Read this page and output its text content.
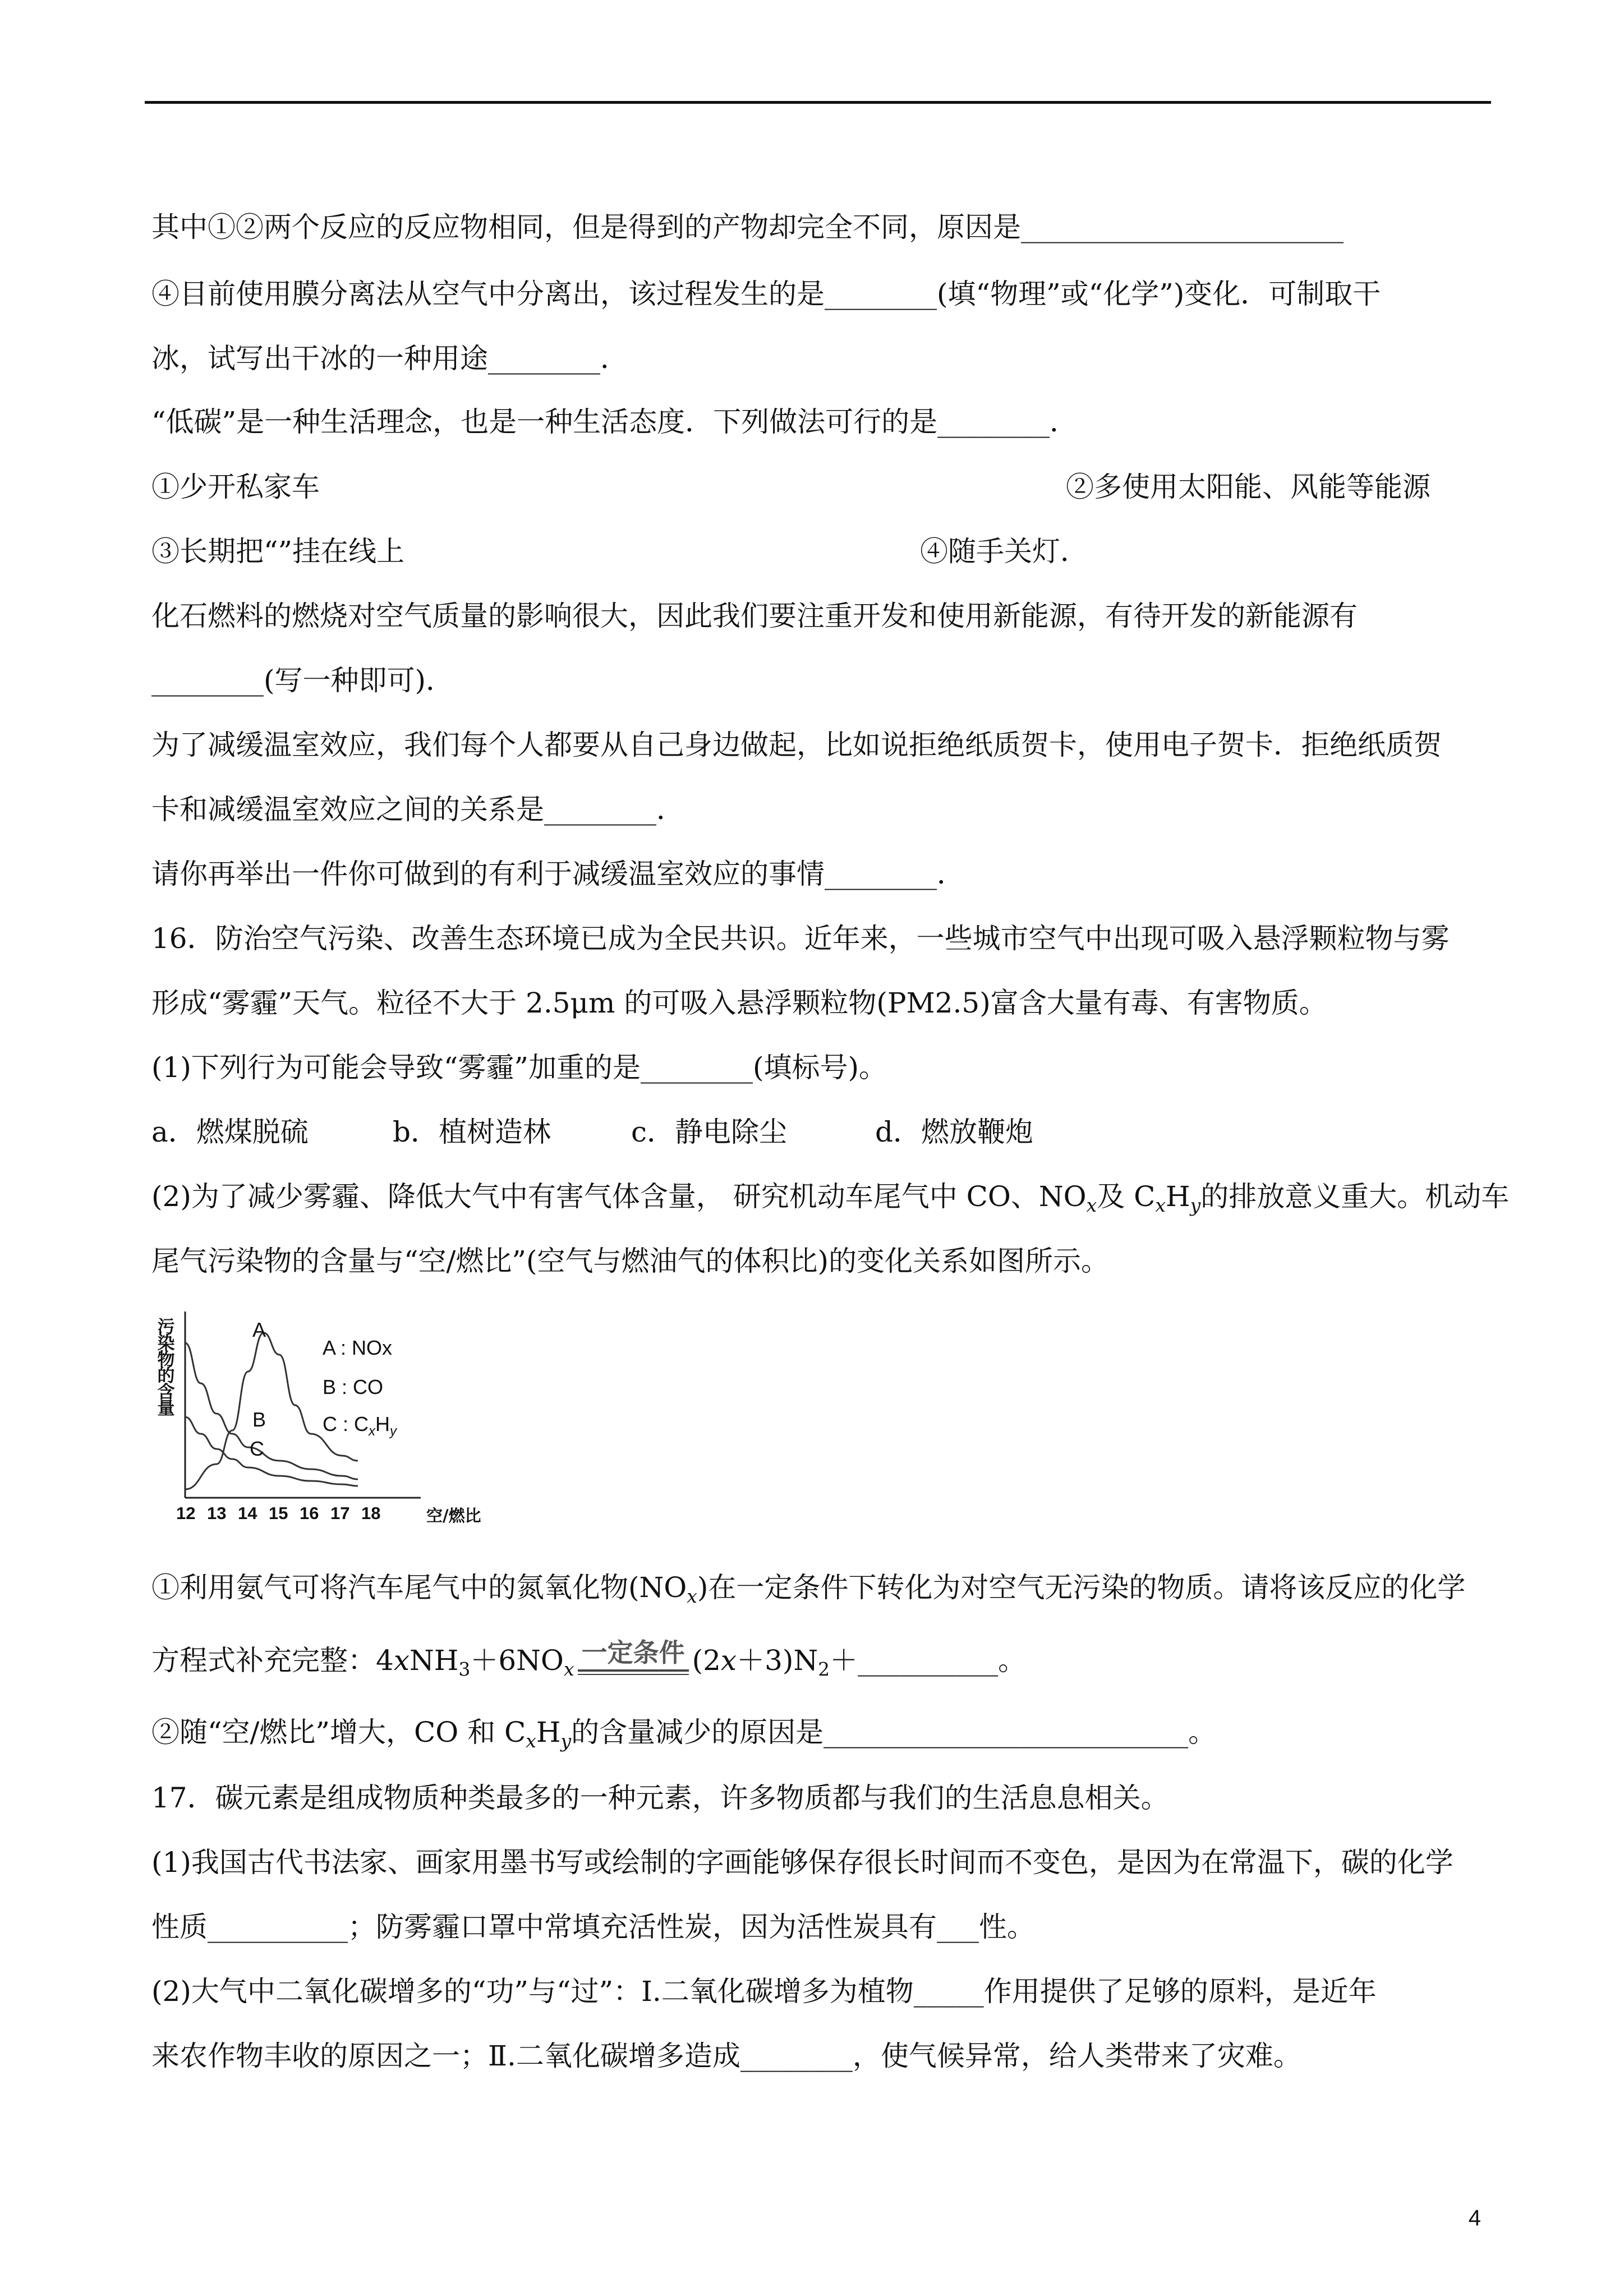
其中①②两个反应的反应物相同，但是得到的产物却完全不同，原因是_______________________
④目前使用膜分离法从空气中分离出，该过程发生的是________(填“物理”或“化学”)变化．可制取干
冰，试写出干冰的一种用途________．
“低碳”是一种生活理念，也是一种生活态度．下列做法可行的是________．
①少开私家车	②多使用太阳能、风能等能源
③长期把“”挂在线上	④随手关灯．
化石燃料的燃烧对空气质量的影响很大，因此我们要注重开发和使用新能源，有待开发的新能源有
________(写一种即可)．
为了减缓温室效应，我们每个人都要从自己身边做起，比如说拒绝纸质贺卡，使用电子贺卡．拒绝纸质贺
卡和减缓温室效应之间的关系是________．
请你再举出一件你可做到的有利于减缓温室效应的事情________．
16．防治空气污染、改善生态环境已成为全民共识。近年来，一些城市空气中出现可吸入悬浮颗粒物与雾
形成“雾霾”天气。粒径不大于 2.5μm 的可吸入悬浮颗粒物(PM2.5)富含大量有毒、有害物质。
(1)下列行为可能会导致“雾霾”加重的是________(填标号)。
a．燃煤脱硫	b．植树造林	c．静电除尘	d．燃放鞭炮
(2)为了减少雾霾、降低大气中有害气体含量， 研究机动车尾气中 CO、$NO_x$及 $C_xH_y$的排放意义重大。机动车
尾气污染物的含量与“空/燃比”(空气与燃油气的体积比)的变化关系如图所示。
污
染
物
的
含
量
A
B
C
A : NOx
B : CO
C : $C_xH_y$
12 13 14 15 16 17 18	空/燃比
①利用氨气可将汽车尾气中的氮氧化物$(NO_x)$在一定条件下转化为对空气无污染的物质。请将该反应的化学
方程式补充完整：$4xNH_3+6NO_x$
一定条件 $(2x+3)N_2+\_\_\_\_\_\_\_\_\_\_$。
②随“空/燃比”增大，CO 和 $C_xH_y$的含量减少的原因是__________________________。
17．碳元素是组成物质种类最多的一种元素，许多物质都与我们的生活息息相关。
(1)我国古代书法家、画家用墨书写或绘制的字画能够保存很长时间而不变色，是因为在常温下，碳的化学
性质__________；防雾霾口罩中常填充活性炭，因为活性炭具有___性。
(2)大气中二氧化碳增多的“功”与“过”：Ⅰ.二氧化碳增多为植物_____作用提供了足够的原料，是近年
来农作物丰收的原因之一；Ⅱ.二氧化碳增多造成________，使气候异常，给人类带来了灾难。
4
